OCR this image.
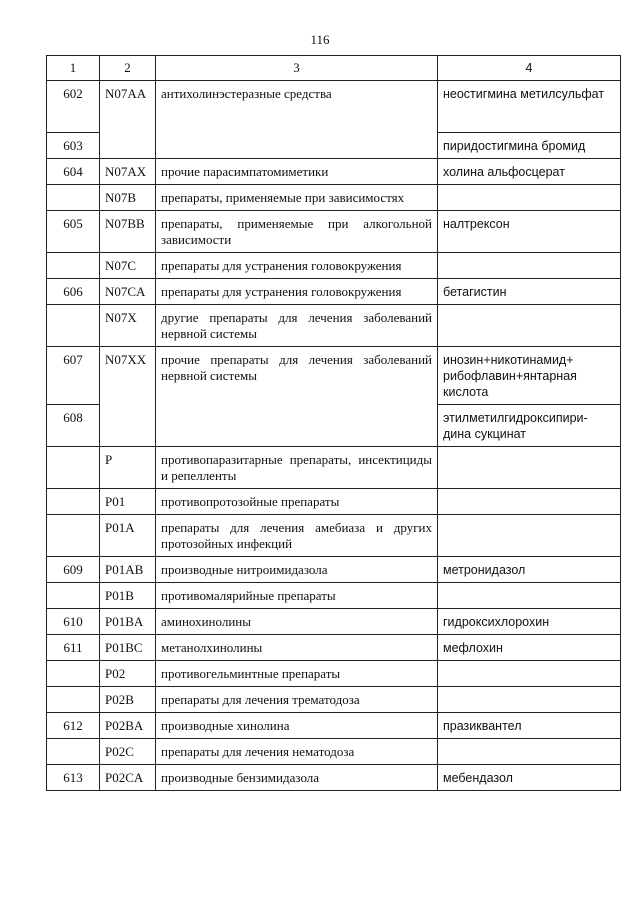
116
1	2	3	4
602	N07AA	антихолинэстеразные средства	неостигмина метилсульфат
603			пиридостигмина бромид
604	N07AX	прочие парасимпатомиметики	холина альфосцерат
	N07B	препараты, применяемые при зависимостях	
605	N07BB	препараты, применяемые при алкогольной зависимости	налтрексон
	N07C	препараты для устранения головокружения	
606	N07CA	препараты для устранения головокружения	бетагистин
	N07X	другие препараты для лечения заболеваний нервной системы	
607	N07XX	прочие препараты для лечения заболеваний нервной системы	инозин+никотинамид+ рибофлавин+янтарная кислота
608			этилметилгидроксипири-дина сукцинат
	P	противопаразитарные препараты, инсектициды и репелленты	
	P01	противопротозойные препараты	
	P01A	препараты для лечения амебиаза и других протозойных инфекций	
609	P01AB	производные нитроимидазола	метронидазол
	P01B	противомалярийные препараты	
610	P01BA	аминохинолины	гидроксихлорохин
611	P01BC	метанолхинолины	мефлохин
	P02	противогельминтные препараты	
	P02B	препараты для лечения трематодоза	
612	P02BA	производные хинолина	празиквантел
	P02C	препараты для лечения нематодоза	
613	P02CA	производные бензимидазола	мебендазол
